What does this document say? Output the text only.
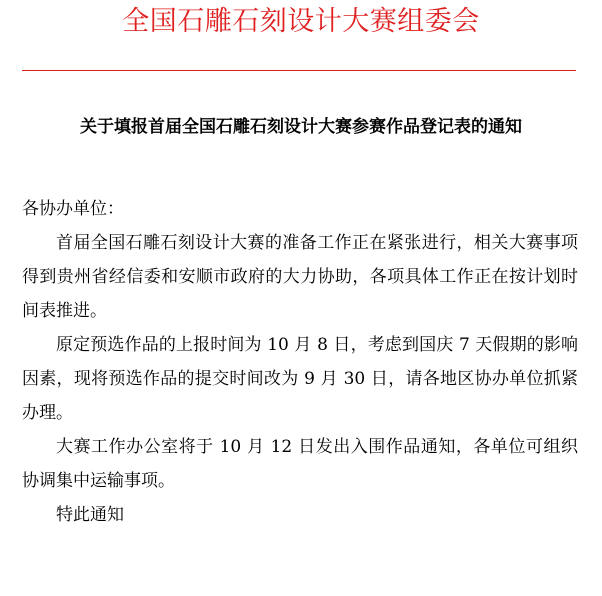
全国石雕石刻设计大赛组委会
关于填报首届全国石雕石刻设计大赛参赛作品登记表的通知

各协办单位：

首届全国石雕石刻设计大赛的准备工作正在紧张进行，相关大赛事项得到贵州省经信委和安顺市政府的大力协助，各项具体工作正在按计划时间表推进。

原定预选作品的上报时间为 10 月 8 日，考虑到国庆 7 天假期的影响因素，现将预选作品的提交时间改为 9 月 30 日，请各地区协办单位抓紧办理。

大赛工作办公室将于 10 月 12 日发出入围作品通知，各单位可组织协调集中运输事项。

特此通知
